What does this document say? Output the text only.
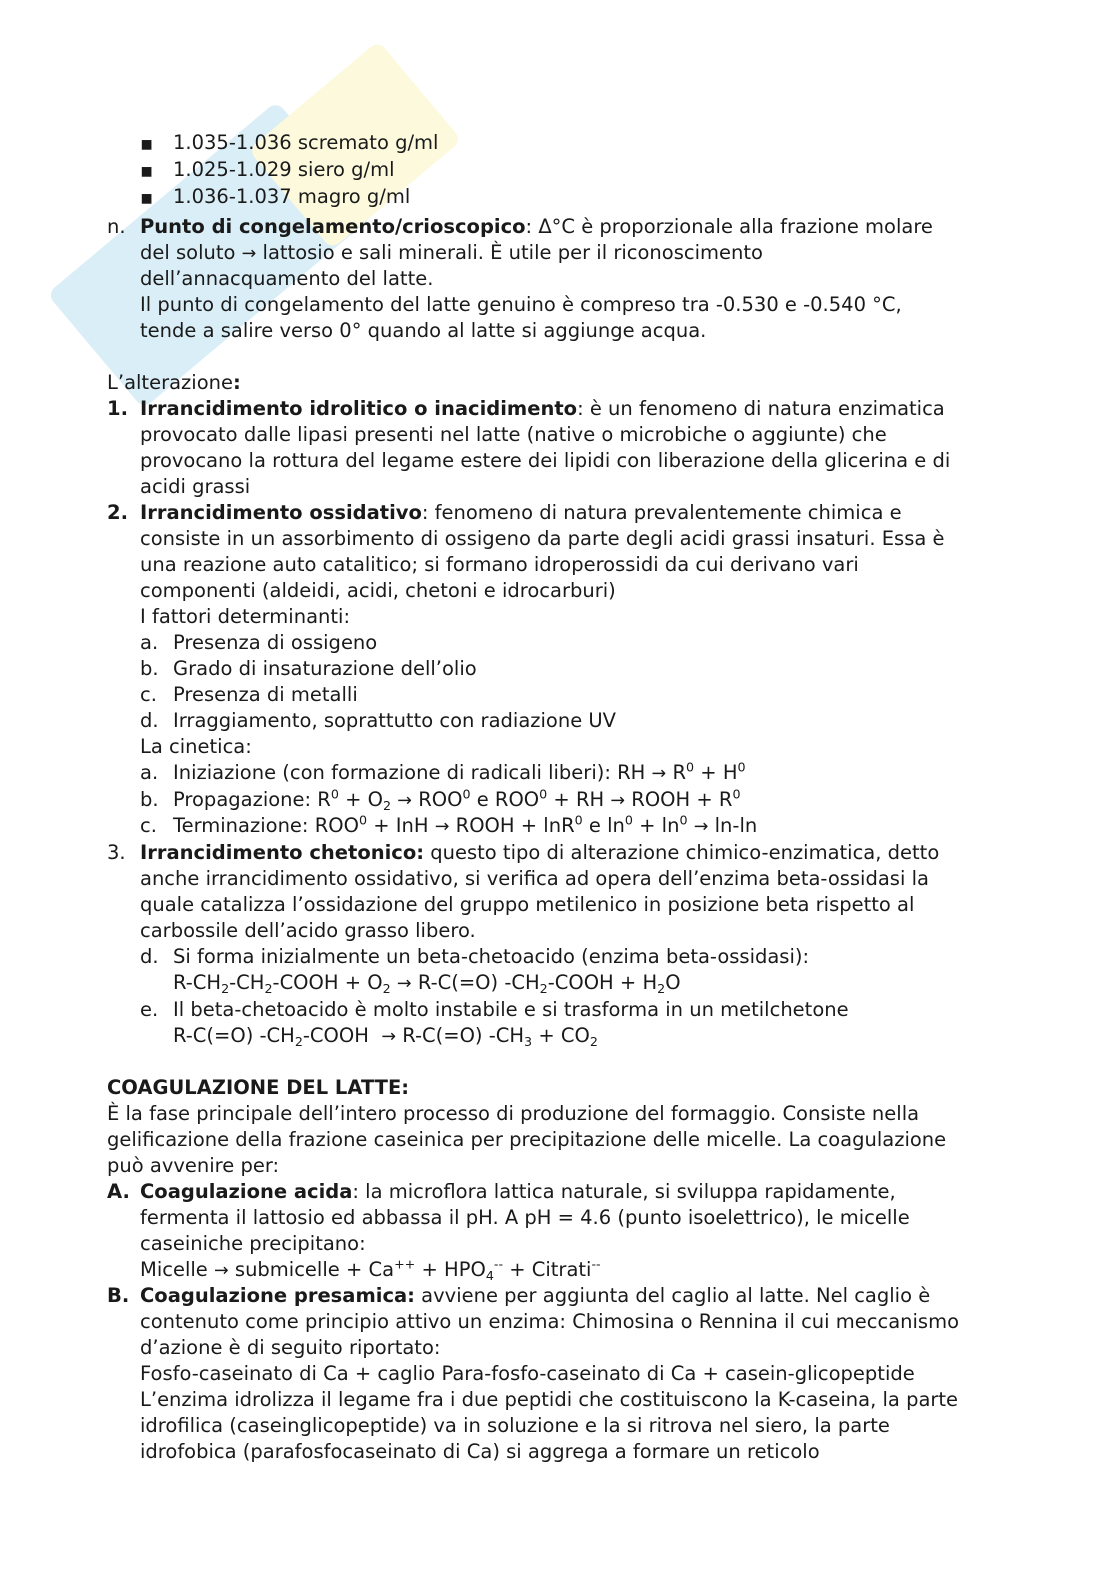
▪ 1.035-1.036 scremato g/ml
▪ 1.025-1.029 siero g/ml
▪ 1.036-1.037 magro g/ml
n. Punto di congelamento/crioscopico: Δ°C è proporzionale alla frazione molare
del soluto → lattosio e sali minerali. È utile per il riconoscimento
dell’annacquamento del latte.
Il punto di congelamento del latte genuino è compreso tra -0.530 e -0.540 °C,
tende a salire verso 0° quando al latte si aggiunge acqua.
L’alterazione:
1. Irrancidimento idrolitico o inacidimento: è un fenomeno di natura enzimatica
provocato dalle lipasi presenti nel latte (native o microbiche o aggiunte) che
provocano la rottura del legame estere dei lipidi con liberazione della glicerina e di
acidi grassi
2. Irrancidimento ossidativo: fenomeno di natura prevalentemente chimica e
consiste in un assorbimento di ossigeno da parte degli acidi grassi insaturi. Essa è
una reazione auto catalitico; si formano idroperossidi da cui derivano vari
componenti (aldeidi, acidi, chetoni e idrocarburi)
I fattori determinanti:
a. Presenza di ossigeno
b. Grado di insaturazione dell’olio
c. Presenza di metalli
d. Irraggiamento, soprattutto con radiazione UV
La cinetica:
a. Iniziazione (con formazione di radicali liberi): RH → $R^0 + H^0$
b. Propagazione: $R^0 + O_2 \to ROO^0$ e $ROO^0$ + RH → ROOH + $R^0$
c. Terminazione: $ROO^0$ + InH → ROOH + lnR$^0$ e $\ln^0 + \ln^0 \to \ln-\ln$
3. Irrancidimento chetonico: questo tipo di alterazione chimico-enzimatica, detto
anche irrancidimento ossidativo, si verifica ad opera dell’enzima beta-ossidasi la
quale catalizza l’ossidazione del gruppo metilenico in posizione beta rispetto al
carbossile dell’acido grasso libero.
d. Si forma inizialmente un beta-chetoacido (enzima beta-ossidasi):
$R-CH_2-CH_2$-COOH + $O_2 \to R-C(=O)$ $-CH_2$-COOH + $H_2O$
e. Il beta-chetoacido è molto instabile e si trasforma in un metilchetone
R-C(=O) $-CH_2$-COOH → R-C(=O) $-CH_3 + CO_2$
COAGULAZIONE DEL LATTE:
È la fase principale dell’intero processo di produzione del formaggio. Consiste nella
gelificazione della frazione caseinica per precipitazione delle micelle. La coagulazione
può avvenire per:
A. Coagulazione acida: la microflora lattica naturale, si sviluppa rapidamente,
fermenta il lattosio ed abbassa il pH. A pH = 4.6 (punto isoelettrico), le micelle
caseiniche precipitano:
Micelle → submicelle + $Ca^{++} + HPO_4^{--}$ + Citrati--
B. Coagulazione presamica: avviene per aggiunta del caglio al latte. Nel caglio è
contenuto come principio attivo un enzima: Chimosina o Rennina il cui meccanismo
d’azione è di seguito riportato:
Fosfo-caseinato di Ca + caglio Para-fosfo-caseinato di Ca + casein-glicopeptide
L’enzima idrolizza il legame fra i due peptidi che costituiscono la K-caseina, la parte
idrofilica (caseinglicopeptide) va in soluzione e la si ritrova nel siero, la parte
idrofobica (parafosfocaseinato di Ca) si aggrega a formare un reticolo
